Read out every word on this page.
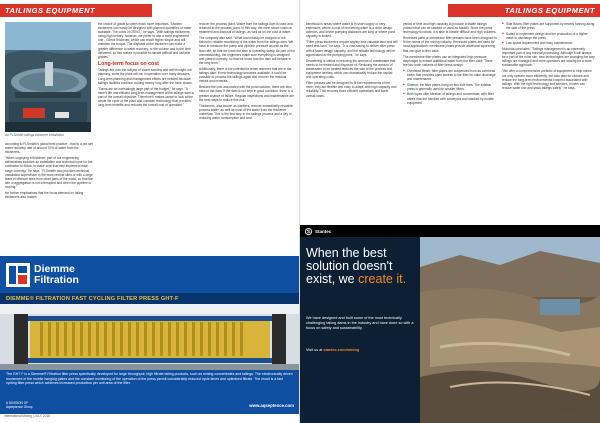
TAILINGS EQUIPMENT
An FLSmidth tailings thickener installation

according to FLSmidth's global best practice - that to a pre-set water recovery rate of around 70% of water from the thickeners.

"When supplying a thickener, part of our engineering deliverables includes an installation and technical input for the contractor to follow, to make sure that they implement each stage correctly," he says. "FLSmidth also provides technical installation supervision in the most remote sites or with a large team of offshore sites from other parts of the world, so that the site of aggregation is not interrupted and when the pipeline is moving."

He further emphasises that the focus demand on tailing thickeners also makes

the choice of grade so often much more important. "Modern thickeners can easily be designed with planned quantities of water available. The costs of GRNO," he says. "With tailings thickeners using high tertiary, however, we prefer to use a more engineered one - Gilmor thickener, which can reach higher torque and will maintain the torque. The disposal of the thickener can make a greater difference to water recovery, to the volume and to the time delivered, so this makes it possible to handle difficult and variable grades."

Long-term focus on cost

Tailings are now the subject of closer scrutiny and well thought-out planning, since the plant will run in operation over many decades. Long-term planning and management efforts are needed because tailings facilities continue costing money long after the mine closes.

"Dams are an increasingly large part of the budget," he says. "A mine's life and efficient long-term management of the tailings dam is part of the overall objective. Therefore it makes sense to look at the whole life cycle of the plant and consider technology that provides long-term benefits and reduces the overall cost of operation."

recover the process plant. Water from the tailings dam is used and returned to the process plant. In this way, the mine saves costs on treatment and disposal of tailings, as well as on the cost of water.

The company also said: "What could easily be dropped or left behind is reliable monitoring of the water from the tailings dam. We have to measure the pump and pipeline pressure as well as the flow rate, so that we know the dam is operating safely. As part of the commissioning, the engineers make sure everything is designed and placed correctly, so that we know how the dam will behave in the long term."

Additionally, there is the potential to reuse reserves that are in the tailings dam. If new technology becomes available, it could be possible to process the tailings again and recover the residual metals and minerals.

Besides the cost associated with the pond solution, there are also risks to the dam. If the dam is not kept in good condition, there is a greater chance of failure. Regular inspections and maintenance are the best ways to reduce this risk.

Thickeners, also known as clarifiers, recover immediately reusable process water, as well as most of the water from the thickener underflow. This is the first step in the tailings process and a key to reducing water consumption and cost.

Diemme
Filtration
DIEMME® FILTRATION FAST CYCLING FILTER PRESS GHT-F
The GHT F is a Diemme® Filtration filter press specifically developed for large throughput, high filtrate tailing products, such as mining concentrates and tailings. The electronically driven movement of the mobile hanging plates and the constant monitoring of the operation of the press permit considerably reduced cycle times and optimised filtrate. The result is a fast cycling filter press which achieves increased production per unit area of the filter.
A DIVISION OF
Aqseptence Group	www.aqseptence.com
International Mining | JULY 2018
TAILINGS EQUIPMENT

beneficial in areas where water is in short supply or very expensive, where a cost of recovering water is a clear design criterion, and where pumping distances are long or where pond capacity is limited.

"Filter press thickeners require slightly less valuable land and will need less land," he says. "It is cost-saving to deliver filter press with a lower design capacity, and the reliable technology will be appreciated at the pumping point," he says.

Dewatering is critical in reducing the amount of wastewater that needs to be treated and disposed of. Reducing the amount of wastewater to be treated reduces the size of the process and equipment needed, which can dramatically reduce the capital and operating costs.

Filter presses can be designed to fit the requirements of the mine; they are flexible and easy to adapt, with high capacity and reliability. This ensures more efficient operations and lower overall costs.

period of time and high capacity to produce a stable tailings product that can be stacked or used as backfill. Since the press technology is robust, it is able to handle difficult and high volumes.

Recessed plate or membrane filter presses have been designed to fit the needs of the mining industry. Recessed plates are used for most applications; membrane plates provide additional squeezing that can give a drier cake.

The membrane filter plates use an integrated high pressure diaphragm to extract additional water from the filter cake. There are two main variants of filter press design:

■ Overhead Beam: filter plates are suspended from an overhead beam that provides open access to the filter for cake discharge and maintenance.
■ Sidebar: the filter plates hang on two side bars. The sidebar press is generally used for smaller filters.
■ Both types offer filtration of tailings and concentrate, with filter cakes that are handled with conveyors and stacked by mobile equipment.
■ Side Beam: filter plates are supported by beams running along the side of the press.
■ Suited to implement design and the production of a higher mass to discharge the press.
■ Low space requirement and easy maintenance.

Mutunda concludes: "Tailings management is an extremely important part of any mineral processing. Although it will always be a part of the mine site, new technologies are changing the way tailings are managed and mine operators are looking for a more sustainable approach."

"We offer a comprehensive portfolio of equipment to help mines not only operate more efficiently, but also plan for closure and reduce the long-term environmental footprint associated with tailings. With the right technology and services, miners can reduce water use and stack tailings safely," he says.

Stantec
When the best solution doesn't exist, we create it.
We have designed and built some of the most technically challenging tailing dams in the industry and have done so with a focus on safety and sustainability.
Visit us at stantec.com/mining
International Mining | JULY 2018
